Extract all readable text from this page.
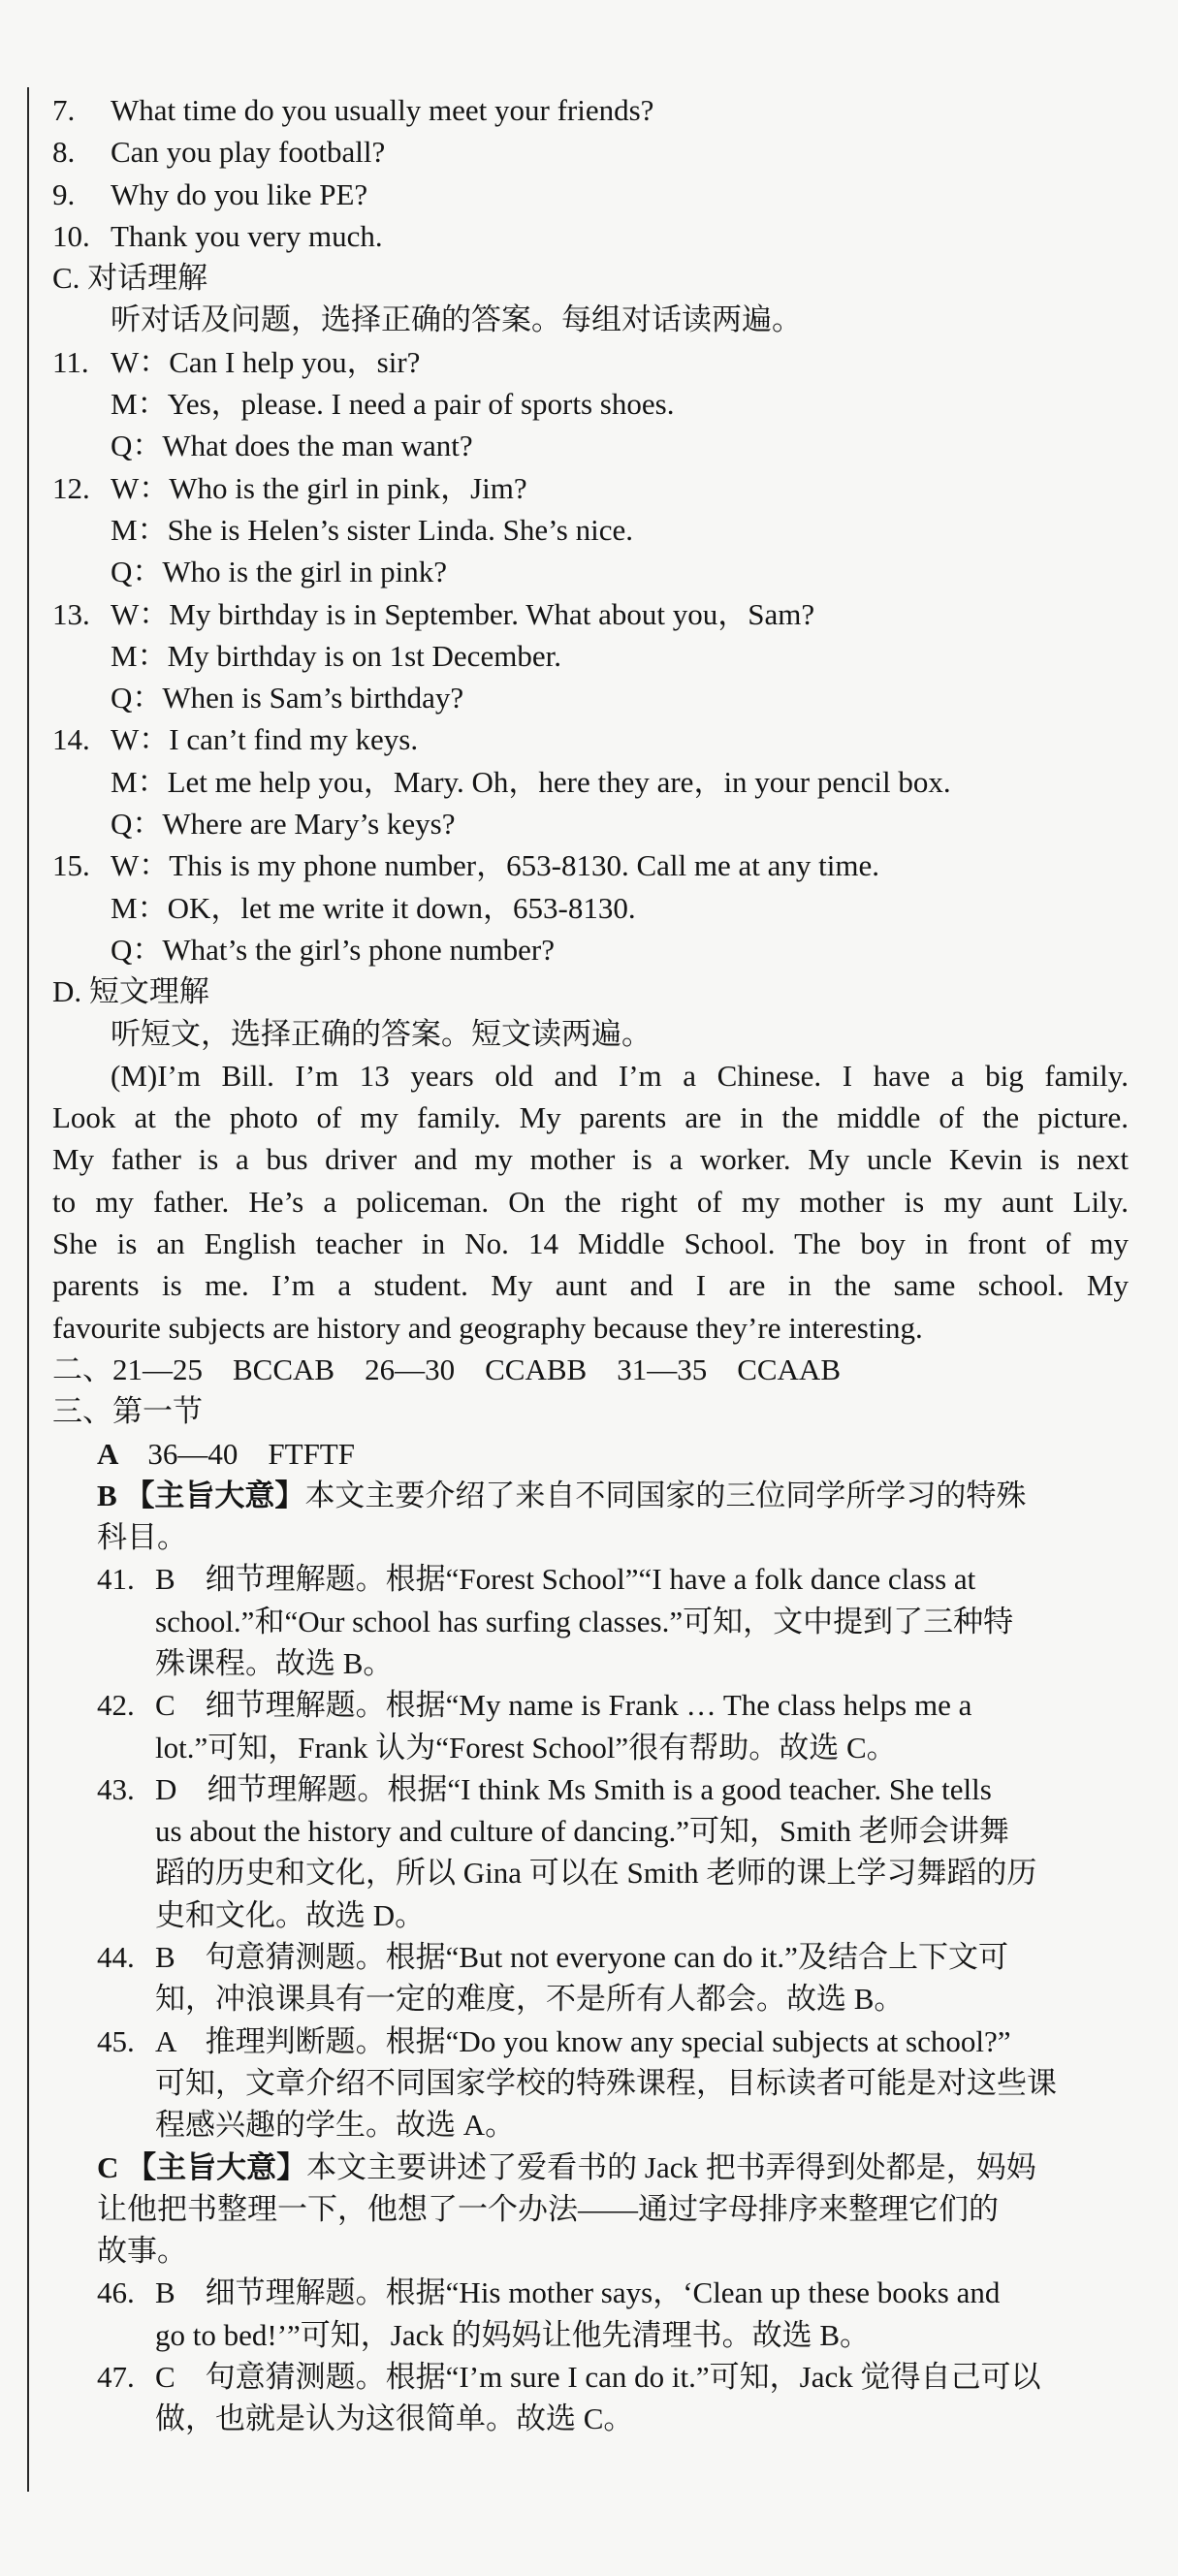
7. What time do you usually meet your friends?
8. Can you play football?
9. Why do you like PE?
10. Thank you very much.
C. 对话理解
听对话及问题，选择正确的答案。每组对话读两遍。
11. W：Can I help you，sir?
M：Yes，please. I need a pair of sports shoes.
Q：What does the man want?
12. W：Who is the girl in pink，Jim?
M：She is Helen’s sister Linda. She’s nice.
Q：Who is the girl in pink?
13. W：My birthday is in September. What about you，Sam?
M：My birthday is on 1st December.
Q：When is Sam’s birthday?
14. W：I can’t find my keys.
M：Let me help you，Mary. Oh，here they are，in your pencil box.
Q：Where are Mary’s keys?
15. W：This is my phone number，653-8130. Call me at any time.
M：OK，let me write it down，653-8130.
Q：What’s the girl’s phone number?
D. 短文理解
听短文，选择正确的答案。短文读两遍。
(M)I’m Bill. I’m 13 years old and I’m a Chinese. I have a big family.
Look at the photo of my family. My parents are in the middle of the picture.
My father is a bus driver and my mother is a worker. My uncle Kevin is next
to my father. He’s a policeman. On the right of my mother is my aunt Lily.
She is an English teacher in No. 14 Middle School. The boy in front of my
parents is me. I’m a student. My aunt and I are in the same school. My
favourite subjects are history and geography because they’re interesting.
二、21—25　BCCAB　26—30　CCABB　31—35　CCAAB
三、第一节
A 36—40　FTFTF
B 【主旨大意】本文主要介绍了来自不同国家的三位同学所学习的特殊
科目。
41. B　细节理解题。根据“Forest School”“I have a folk dance class at
school.”和“Our school has surfing classes.”可知，文中提到了三种特
殊课程。故选 B。
42. C　细节理解题。根据“My name is Frank … The class helps me a
lot.”可知，Frank 认为“Forest School”很有帮助。故选 C。
43. D　细节理解题。根据“I think Ms Smith is a good teacher. She tells
us about the history and culture of dancing.”可知，Smith 老师会讲舞
蹈的历史和文化，所以 Gina 可以在 Smith 老师的课上学习舞蹈的历
史和文化。故选 D。
44. B　句意猜测题。根据“But not everyone can do it.”及结合上下文可
知，冲浪课具有一定的难度，不是所有人都会。故选 B。
45. A　推理判断题。根据“Do you know any special subjects at school?”
可知，文章介绍不同国家学校的特殊课程，目标读者可能是对这些课
程感兴趣的学生。故选 A。
C 【主旨大意】本文主要讲述了爱看书的 Jack 把书弄得到处都是，妈妈
让他把书整理一下，他想了一个办法——通过字母排序来整理它们的
故事。
46. B　细节理解题。根据“His mother says，‘Clean up these books and
go to bed!’”可知，Jack 的妈妈让他先清理书。故选 B。
47. C　句意猜测题。根据“I’m sure I can do it.”可知，Jack 觉得自己可以
做，也就是认为这很简单。故选 C。
